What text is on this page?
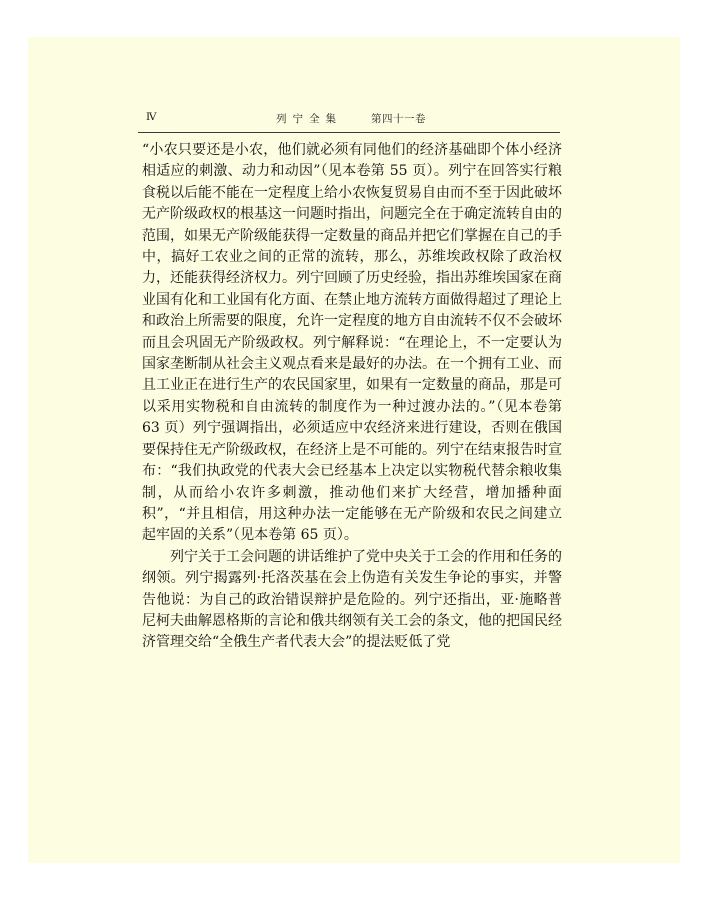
Ⅳ	列宁全集	第四十一卷

“小农只要还是小农，他们就必须有同他们的经济基础即个体小经济相适应的刺激、动力和动因”（见本卷第 55 页）。列宁在回答实行粮食税以后能不能在一定程度上给小农恢复贸易自由而不至于因此破坏无产阶级政权的根基这一问题时指出，问题完全在于确定流转自由的范围，如果无产阶级能获得一定数量的商品并把它们掌握在自己的手中，搞好工农业之间的正常的流转，那么，苏维埃政权除了政治权力，还能获得经济权力。列宁回顾了历史经验，指出苏维埃国家在商业国有化和工业国有化方面、在禁止地方流转方面做得超过了理论上和政治上所需要的限度，允许一定程度的地方自由流转不仅不会破坏而且会巩固无产阶级政权。列宁解释说：“在理论上，不一定要认为国家垄断制从社会主义观点看来是最好的办法。在一个拥有工业、而且工业正在进行生产的农民国家里，如果有一定数量的商品，那是可以采用实物税和自由流转的制度作为一种过渡办法的。”（见本卷第 63 页）列宁强调指出，必须适应中农经济来进行建设，否则在俄国要保持住无产阶级政权，在经济上是不可能的。列宁在结束报告时宣布：“我们执政党的代表大会已经基本上决定以实物税代替余粮收集制，从而给小农许多刺激，推动他们来扩大经营，增加播种面积”，“并且相信，用这种办法一定能够在无产阶级和农民之间建立起牢固的关系”（见本卷第 65 页）。

列宁关于工会问题的讲话维护了党中央关于工会的作用和任务的纲领。列宁揭露列·托洛茨基在会上伪造有关发生争论的事实，并警告他说：为自己的政治错误辩护是危险的。列宁还指出，亚·施略普尼柯夫曲解恩格斯的言论和俄共纲领有关工会的条文，他的把国民经济管理交给“全俄生产者代表大会”的提法贬低了党
